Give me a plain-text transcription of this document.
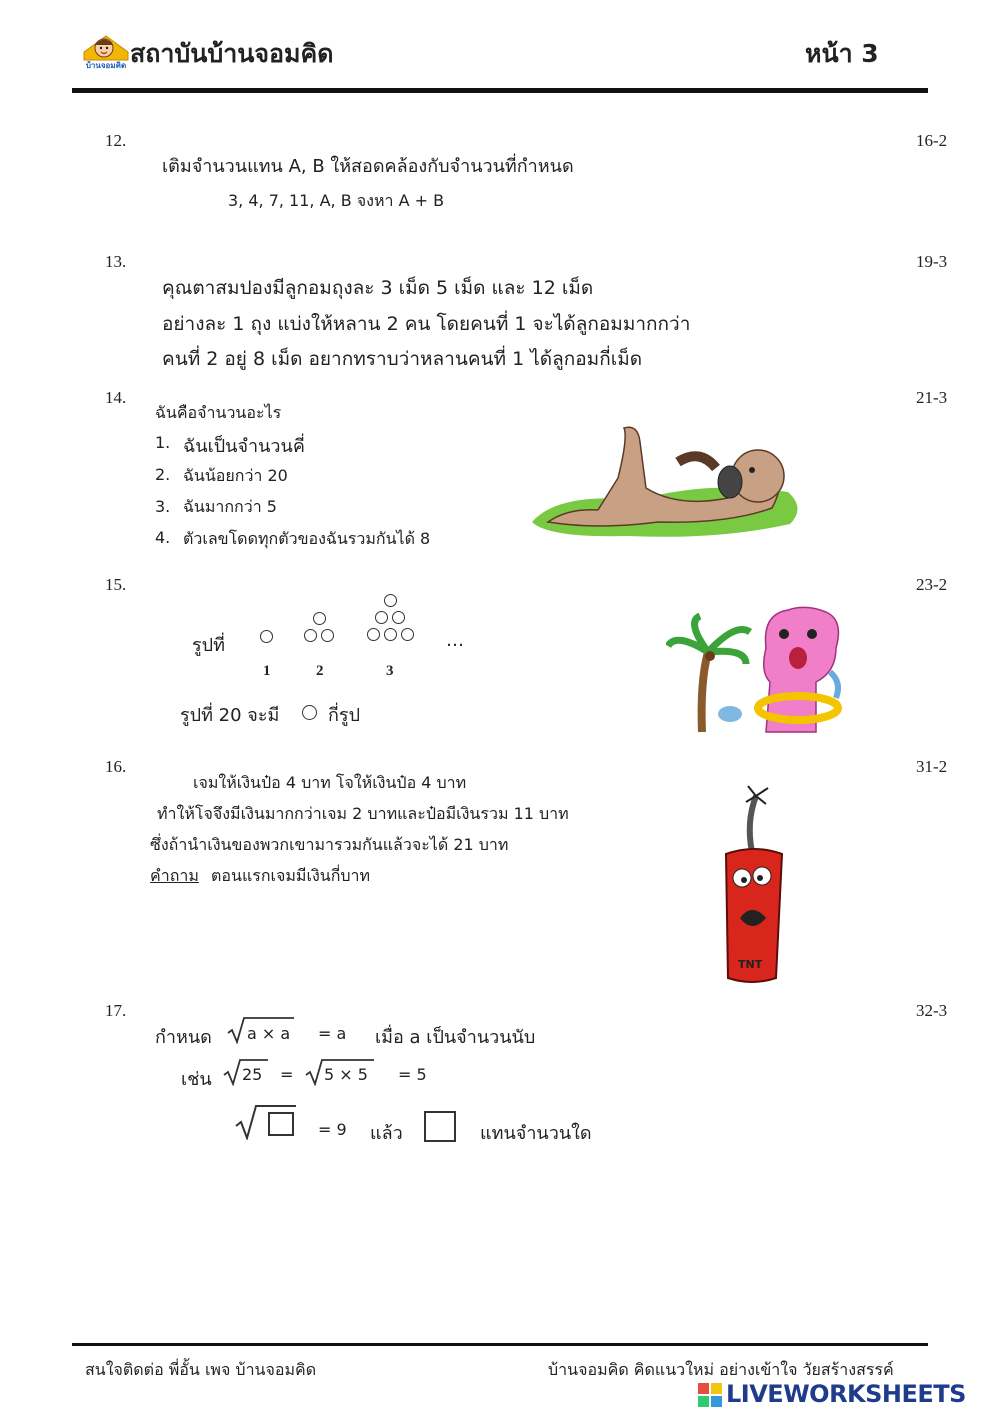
บ้านจอมคิด สถาบันบ้านจอมคิด	หน้า 3
12.	16-2
เติมจำนวนแทน A, B ให้สอดคล้องกับจำนวนที่กำหนด
3, 4, 7, 11, A, B จงหา A + B
13.	19-3
คุณตาสมปองมีลูกอมถุงละ 3 เม็ด 5 เม็ด และ 12 เม็ด
อย่างละ 1 ถุง แบ่งให้หลาน 2 คน โดยคนที่ 1 จะได้ลูกอมมากกว่า
คนที่ 2 อยู่ 8 เม็ด อยากทราบว่าหลานคนที่ 1 ได้ลูกอมกี่เม็ด
14.	21-3
ฉันคือจำนวนอะไร
1. ฉันเป็นจำนวนคี่
2. ฉันน้อยกว่า 20
3. ฉันมากกว่า 5
4. ตัวเลขโดดทุกตัวของฉันรวมกันได้ 8
15.	23-2
รูปที่
1	2	3
…
รูปที่ 20 จะมี	กี่รูป
16.	31-2
เจมให้เงินป๋อ 4 บาท โจให้เงินป๋อ 4 บาท
ทำให้โจจึงมีเงินมากกว่าเจม 2 บาทและป๋อมีเงินรวม 11 บาท
ซึ่งถ้านำเงินของพวกเขามารวมกันแล้วจะได้ 21 บาท
คำถาม ตอนแรกเจมมีเงินกี่บาท
TNT
17.	32-3
กำหนด a × a = a เมื่อ a เป็นจำนวนนับ
เช่น 25 = 5 × 5 = 5
= 9 แล้ว	แทนจำนวนใด
สนใจติดต่อ พี่อั้น เพจ บ้านจอมคิด	บ้านจอมคิด คิดแนวใหม่ อย่างเข้าใจ วัยสร้างสรรค์
LIVEWORKSHEETS
